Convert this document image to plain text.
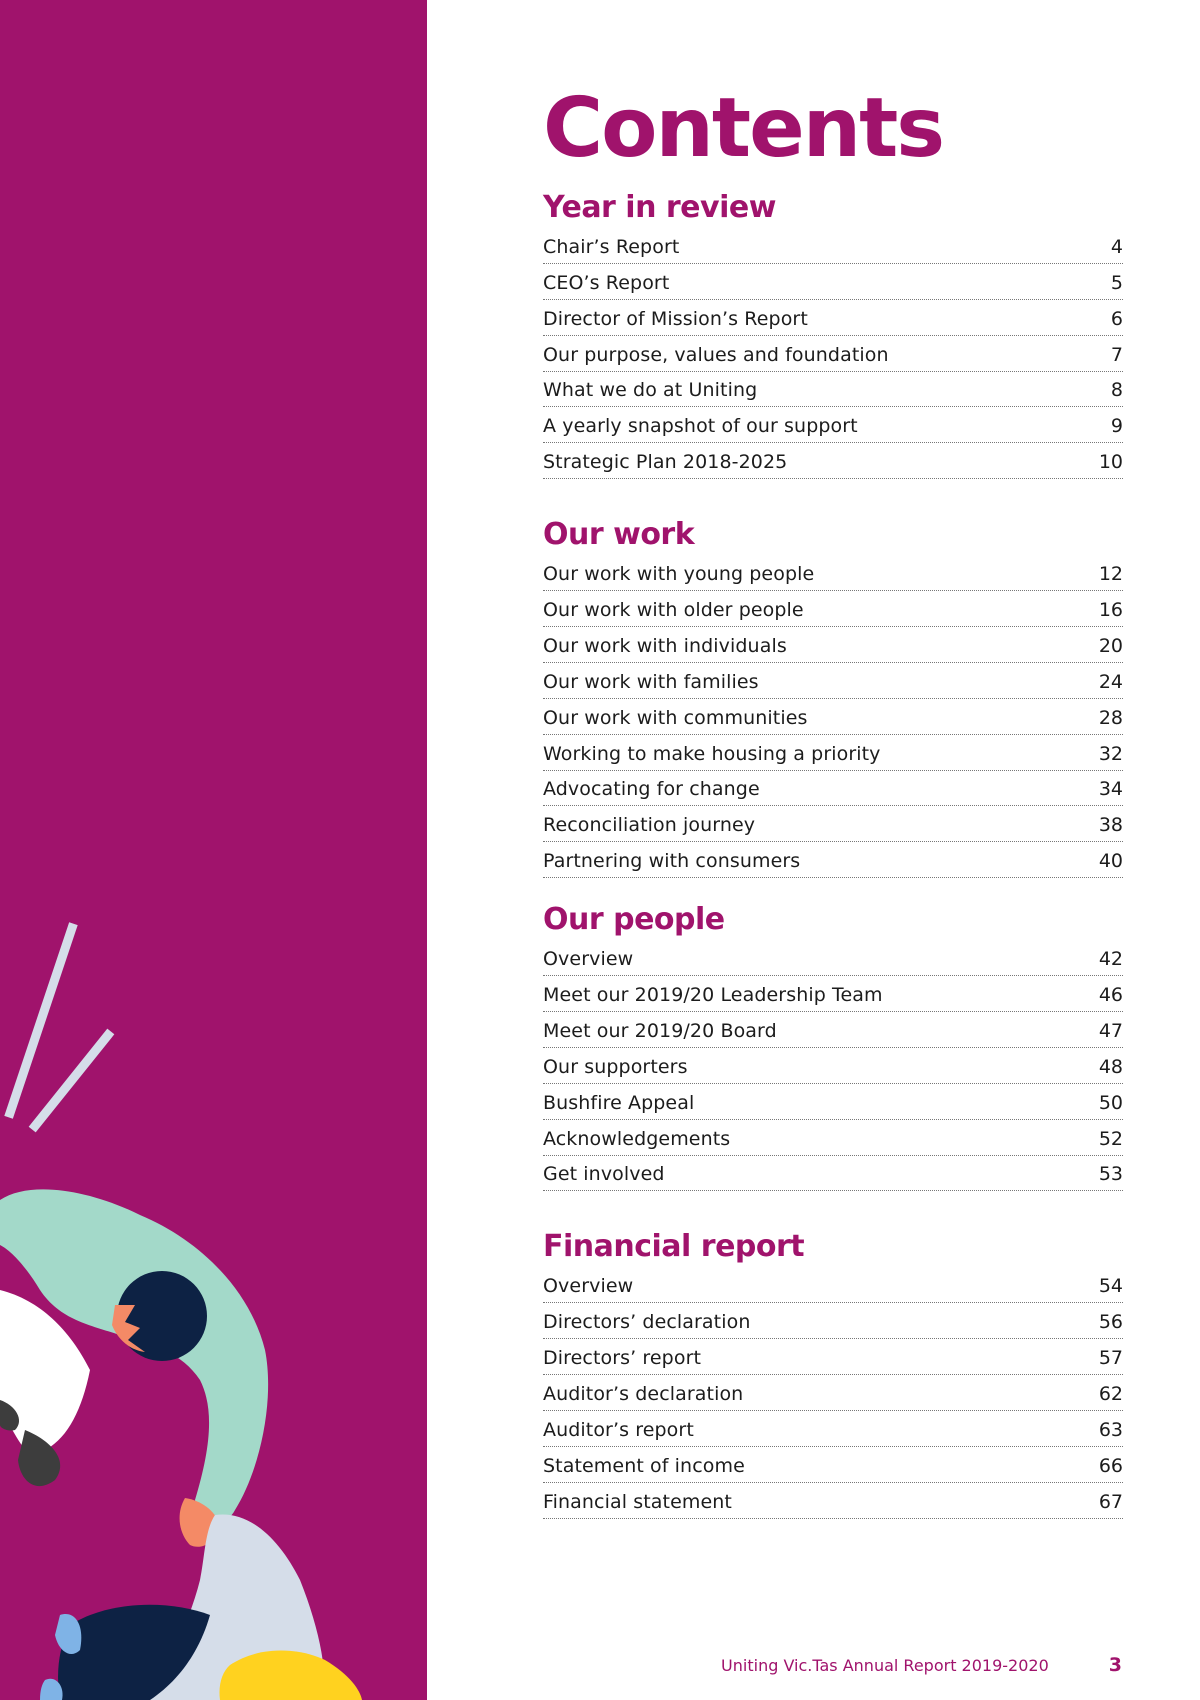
Contents
Year in review
Chair’s Report	4
CEO’s Report	5
Director of Mission’s Report	6
Our purpose, values and foundation	7
What we do at Uniting	8
A yearly snapshot of our support	9
Strategic Plan 2018-2025	10
Our work
Our work with young people	12
Our work with older people	16
Our work with individuals	20
Our work with families	24
Our work with communities	28
Working to make housing a priority	32
Advocating for change	34
Reconciliation journey	38
Partnering with consumers	40
Our people
Overview	42
Meet our 2019/20 Leadership Team	46
Meet our 2019/20 Board	47
Our supporters	48
Bushfire Appeal	50
Acknowledgements	52
Get involved	53
Financial report
Overview	54
Directors’ declaration	56
Directors’ report	57
Auditor’s declaration	62
Auditor’s report	63
Statement of income	66
Financial statement	67
Uniting Vic.Tas Annual Report 2019-2020	3
